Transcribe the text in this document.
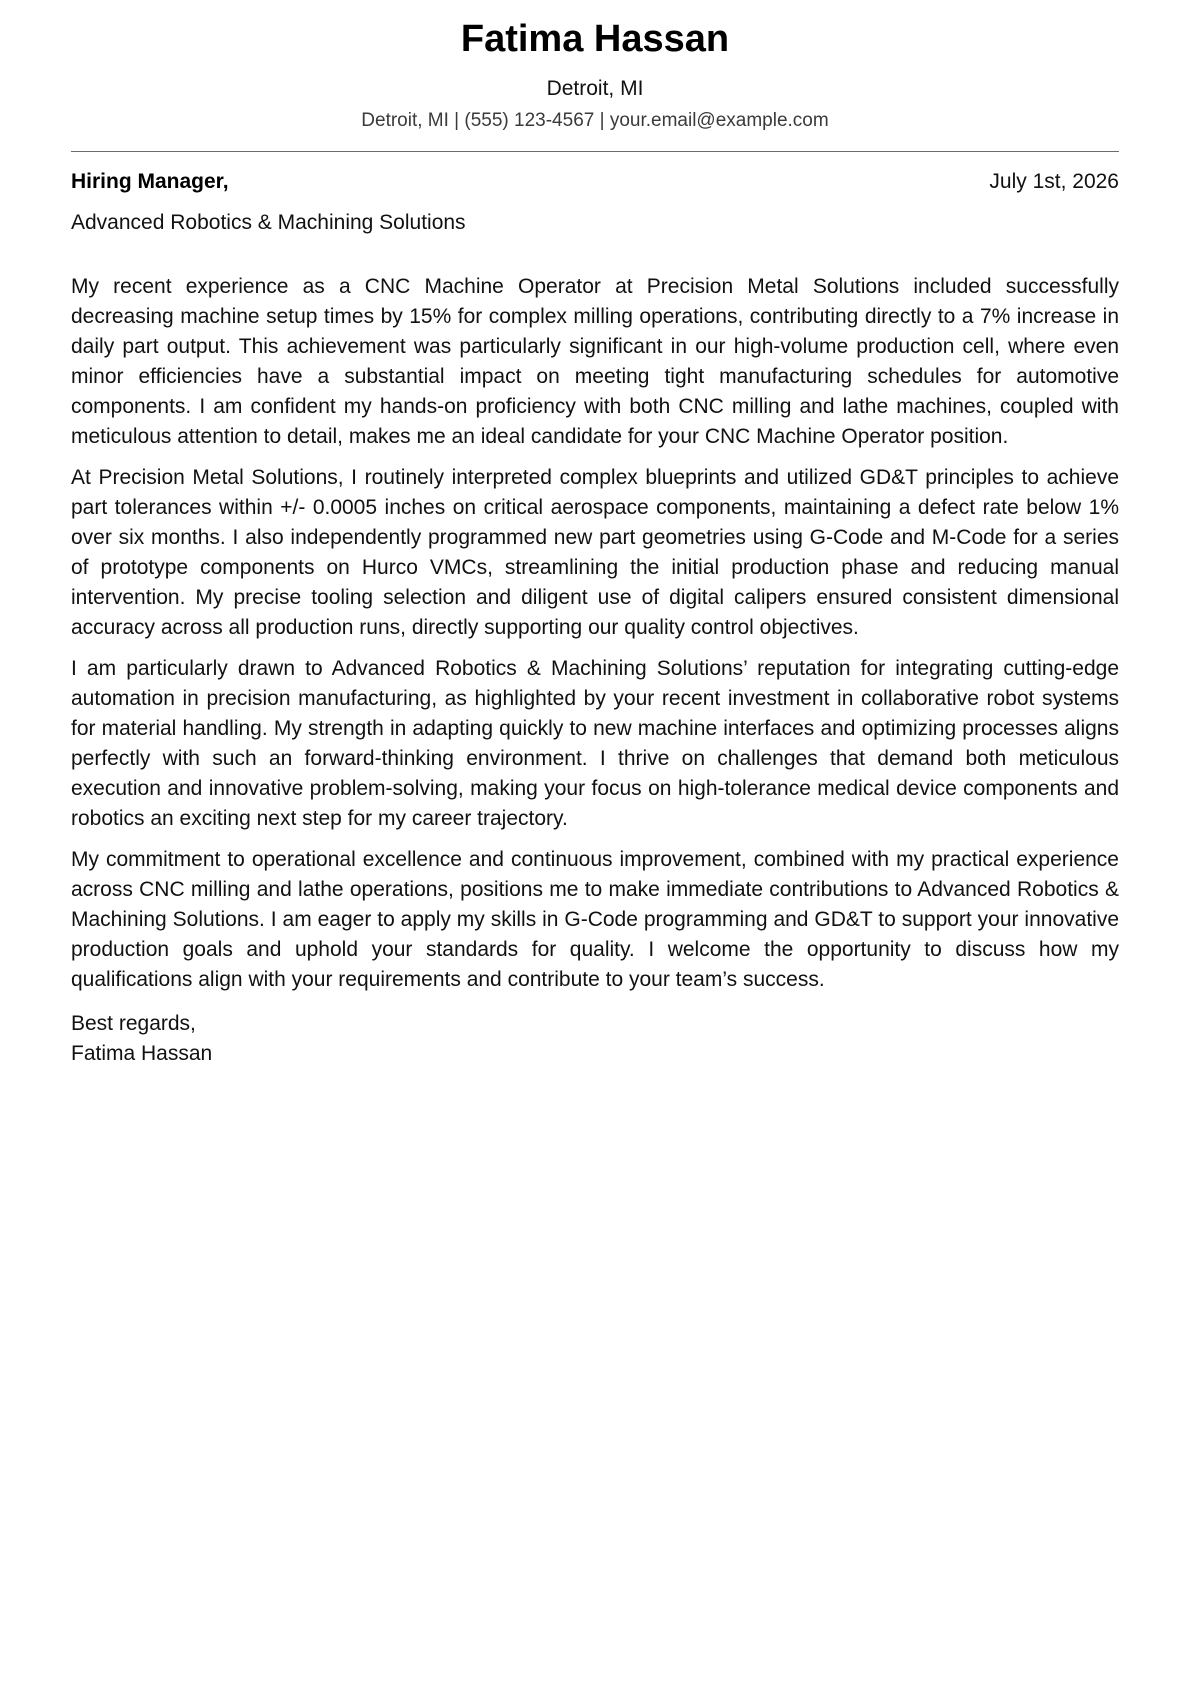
Fatima Hassan
Detroit, MI
Detroit, MI | (555) 123-4567 | your.email@example.com
Hiring Manager,	July 1st, 2026
Advanced Robotics & Machining Solutions

My recent experience as a CNC Machine Operator at Precision Metal Solutions included successfully decreasing machine setup times by 15% for complex milling operations, contributing directly to a 7% increase in daily part output. This achievement was particularly significant in our high-volume production cell, where even minor efficiencies have a substantial impact on meeting tight manufacturing schedules for automotive components. I am confident my hands-on proficiency with both CNC milling and lathe machines, coupled with meticulous attention to detail, makes me an ideal candidate for your CNC Machine Operator position.

At Precision Metal Solutions, I routinely interpreted complex blueprints and utilized GD&T principles to achieve part tolerances within +/- 0.0005 inches on critical aerospace components, maintaining a defect rate below 1% over six months. I also independently programmed new part geometries using G-Code and M-Code for a series of prototype components on Hurco VMCs, streamlining the initial production phase and reducing manual intervention. My precise tooling selection and diligent use of digital calipers ensured consistent dimensional accuracy across all production runs, directly supporting our quality control objectives.

I am particularly drawn to Advanced Robotics & Machining Solutions’ reputation for integrating cutting-edge automation in precision manufacturing, as highlighted by your recent investment in collaborative robot systems for material handling. My strength in adapting quickly to new machine interfaces and optimizing processes aligns perfectly with such an forward-thinking environment. I thrive on challenges that demand both meticulous execution and innovative problem-solving, making your focus on high-tolerance medical device components and robotics an exciting next step for my career trajectory.

My commitment to operational excellence and continuous improvement, combined with my practical experience across CNC milling and lathe operations, positions me to make immediate contributions to Advanced Robotics & Machining Solutions. I am eager to apply my skills in G-Code programming and GD&T to support your innovative production goals and uphold your standards for quality. I welcome the opportunity to discuss how my qualifications align with your requirements and contribute to your team’s success.

Best regards,
Fatima Hassan
